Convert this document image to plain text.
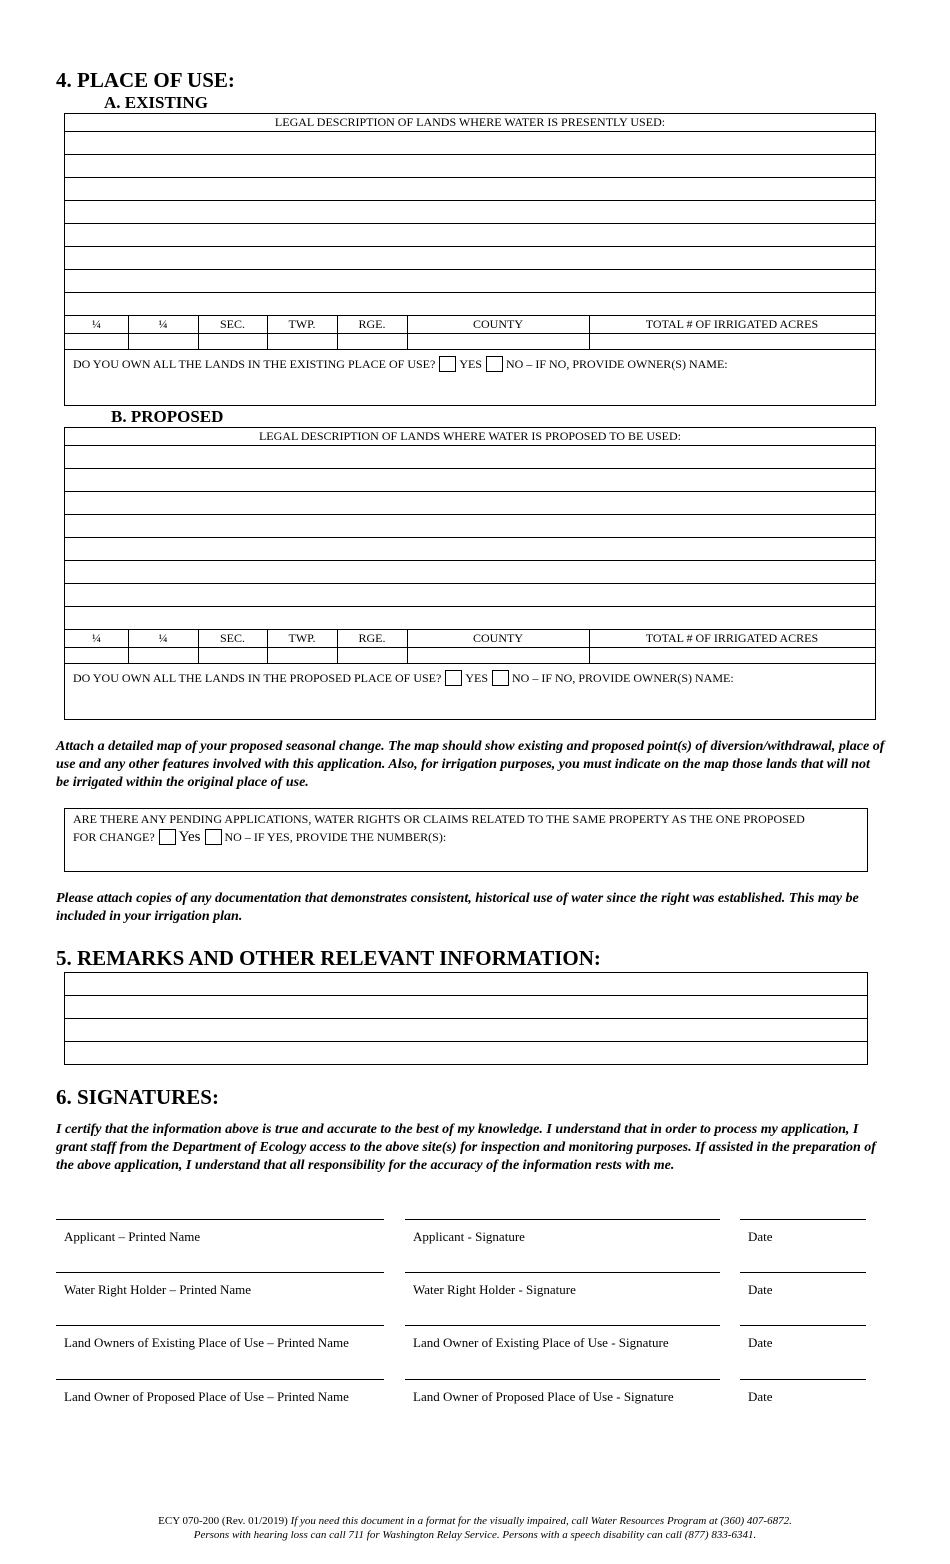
4. PLACE OF USE:
A. EXISTING
LEGAL DESCRIPTION OF LANDS WHERE WATER IS PRESENTLY USED:
¼	¼	SEC.	TWP.	RGE.	COUNTY	TOTAL # OF IRRIGATED ACRES
DO YOU OWN ALL THE LANDS IN THE EXISTING PLACE OF USE? YES NO – IF NO, PROVIDE OWNER(S) NAME:
B. PROPOSED
LEGAL DESCRIPTION OF LANDS WHERE WATER IS PROPOSED TO BE USED:
¼	¼	SEC.	TWP.	RGE.	COUNTY	TOTAL # OF IRRIGATED ACRES
DO YOU OWN ALL THE LANDS IN THE PROPOSED PLACE OF USE? YES NO – IF NO, PROVIDE OWNER(S) NAME:
Attach a detailed map of your proposed seasonal change. The map should show existing and proposed point(s) of diversion/withdrawal, place of use and any other features involved with this application. Also, for irrigation purposes, you must indicate on the map those lands that will not be irrigated within the original place of use.
ARE THERE ANY PENDING APPLICATIONS, WATER RIGHTS OR CLAIMS RELATED TO THE SAME PROPERTY AS THE ONE PROPOSED
FOR CHANGE? Yes NO – IF YES, PROVIDE THE NUMBER(S):
Please attach copies of any documentation that demonstrates consistent, historical use of water since the right was established. This may be included in your irrigation plan.
5. REMARKS AND OTHER RELEVANT INFORMATION:
6. SIGNATURES:
I certify that the information above is true and accurate to the best of my knowledge. I understand that in order to process my application, I grant staff from the Department of Ecology access to the above site(s) for inspection and monitoring purposes. If assisted in the preparation of the above application, I understand that all responsibility for the accuracy of the information rests with me.
Applicant – Printed Name	Applicant - Signature	Date
Water Right Holder – Printed Name	Water Right Holder - Signature	Date
Land Owners of Existing Place of Use – Printed Name	Land Owner of Existing Place of Use - Signature	Date
Land Owner of Proposed Place of Use – Printed Name	Land Owner of Proposed Place of Use - Signature	Date
ECY 070-200 (Rev. 01/2019) If you need this document in a format for the visually impaired, call Water Resources Program at (360) 407-6872.
Persons with hearing loss can call 711 for Washington Relay Service. Persons with a speech disability can call (877) 833-6341.
